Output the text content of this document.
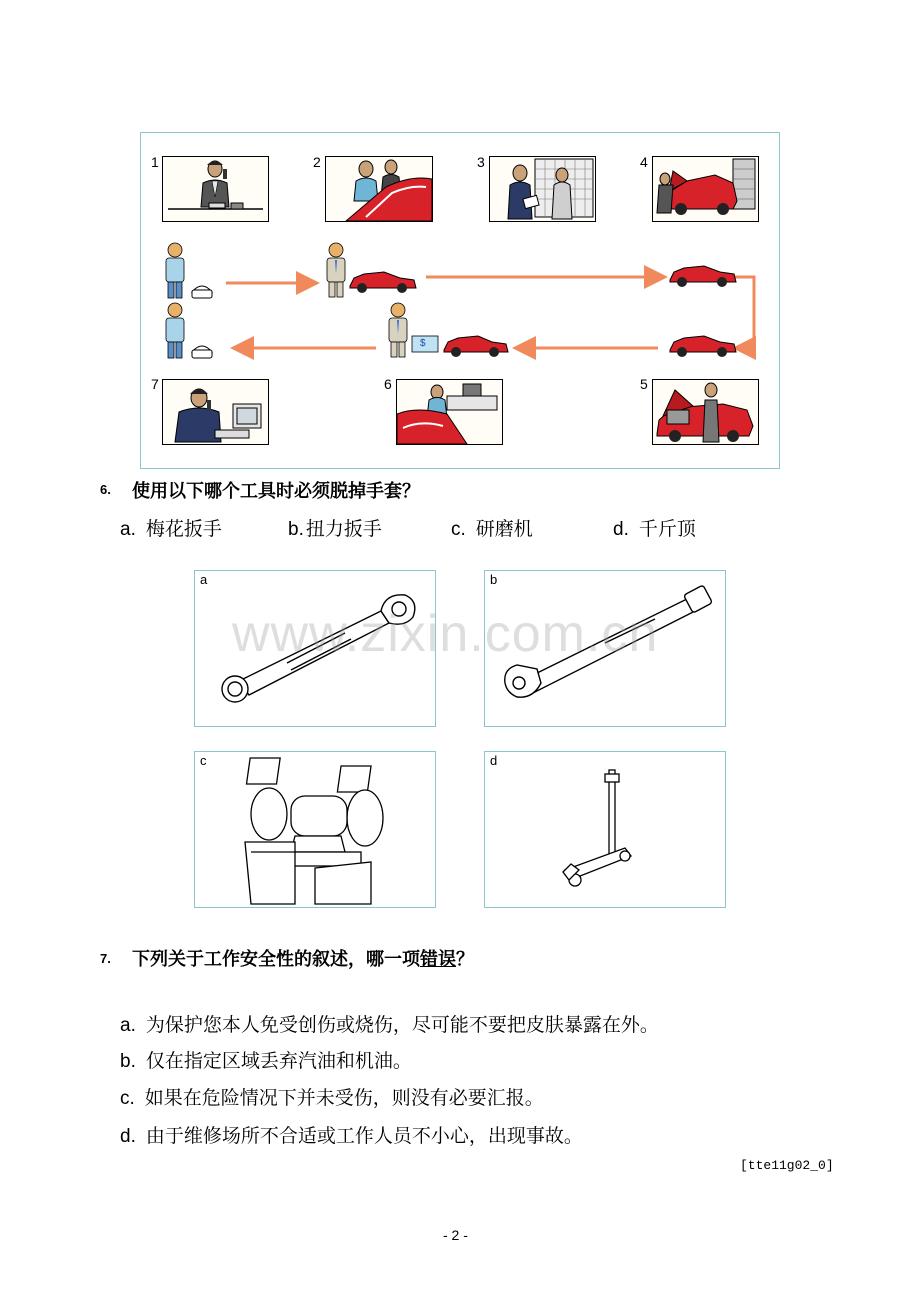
1	2	3	4
7	6	5
$
6. 使用以下哪个工具时必须脱掉手套？
a. 梅花扳手	b. 扭力扳手	c. 研磨机	d. 千斤顶
a	b
c	d
www.zixin.com.cn
7. 下列关于工作安全性的叙述，哪一项错误？
a. 为保护您本人免受创伤或烧伤，尽可能不要把皮肤暴露在外。
b. 仅在指定区域丢弃汽油和机油。
c. 如果在危险情况下并未受伤，则没有必要汇报。
d. 由于维修场所不合适或工作人员不小心，出现事故。
[tte11g02_0]
- 2 -
